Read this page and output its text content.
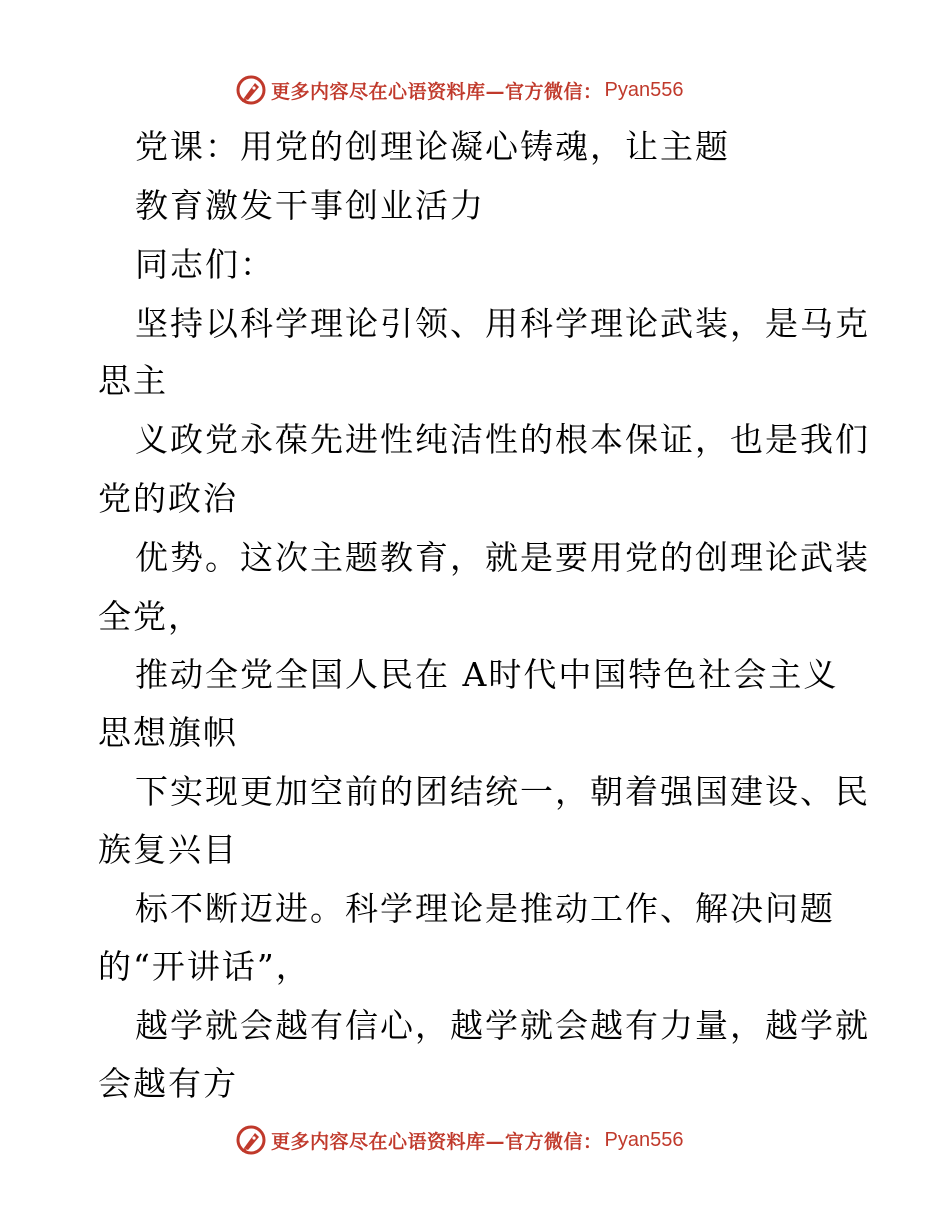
更多内容尽在心语资料库—官方微信： Pyan556
党课：用党的创理论凝心铸魂，让主题
教育激发干事创业活力
同志们：
坚持以科学理论引领、用科学理论武装，是马克
思主
义政党永葆先进性纯洁性的根本保证，也是我们
党的政治
优势。这次主题教育，就是要用党的创理论武装
全党，
推动全党全国人民在 A时代中国特色社会主义
思想旗帜
下实现更加空前的团结统一，朝着强国建设、民
族复兴目
标不断迈进。科学理论是推动工作、解决问题
的“开讲话”，
越学就会越有信心，越学就会越有力量，越学就
会越有方
更多内容尽在心语资料库—官方微信： Pyan556
